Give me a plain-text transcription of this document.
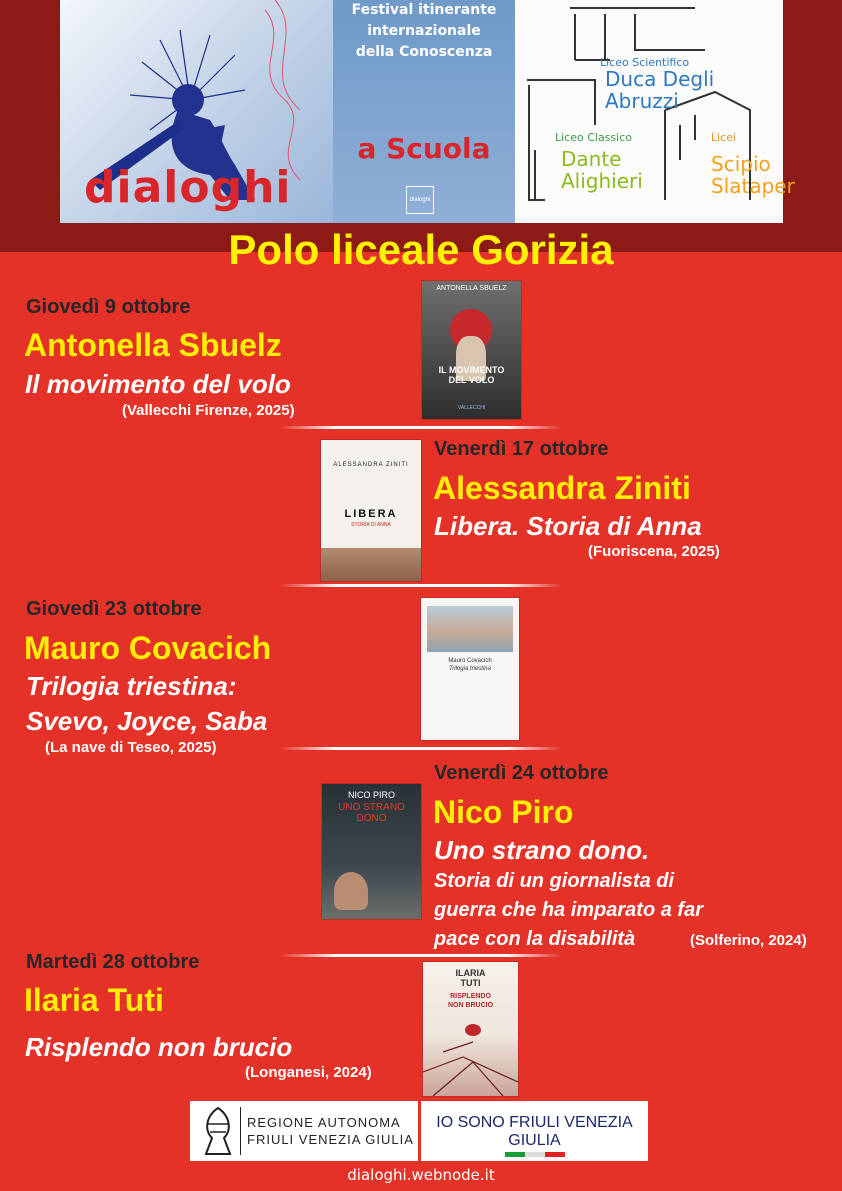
dialoghi
Festival itinerante
internazionale
della Conoscenza
a Scuola
dialoghi
Liceo Scientifico
Duca Degli
Abruzzi
Liceo Classico
Dante
Alighieri
Licei
Scipio
Slataper
Polo liceale Gorizia
Giovedì 9 ottobre
Antonella Sbuelz
Il movimento del volo
(Vallecchi Firenze, 2025)
ANTONELLA SBUELZ
IL MOVIMENTO
DEL VOLO
VALLECCHI
ALESSANDRA ZINITI
LIBERA
STORIA DI ANNA
Venerdì 17 ottobre
Alessandra Ziniti
Libera. Storia di Anna
(Fuoriscena, 2025)
Giovedì 23 ottobre
Mauro Covacich
Trilogia triestina:
Svevo, Joyce, Saba
(La nave di Teseo, 2025)
Mauro Covacich
Trilogia triestina
NICO PIRO
UNO STRANO
DONO
Venerdì 24 ottobre
Nico Piro
Uno strano dono.
Storia di un giornalista di
guerra che ha imparato a far
pace con la disabilità	(Solferino, 2024)
Martedì 28 ottobre
Ilaria Tuti
Risplendo non brucio
(Longanesi, 2024)
ILARIA
TUTI
RISPLENDO
NON BRUCIO
REGIONE AUTONOMA
FRIULI VENEZIA GIULIA
IO SONO FRIULI VENEZIA GIULIA
dialoghi.webnode.it
